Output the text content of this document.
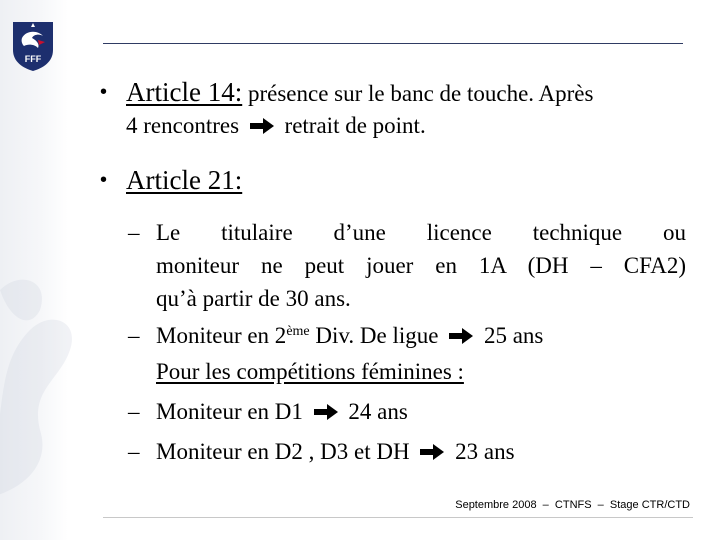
FFF
• Article 14: présence sur le banc de touche. Après
4 rencontres retrait de point.
• Article 21:
– Le titulaire d’une licence technique ou
moniteur ne peut jouer en 1A (DH – CFA2)
qu’à partir de 30 ans.
– Moniteur en 2ème Div. De ligue 25 ans
Pour les compétitions féminines :
– Moniteur en D1 24 ans
– Moniteur en D2 , D3 et DH 23 ans
Septembre 2008  –  CTNFS  –  Stage CTR/CTD
